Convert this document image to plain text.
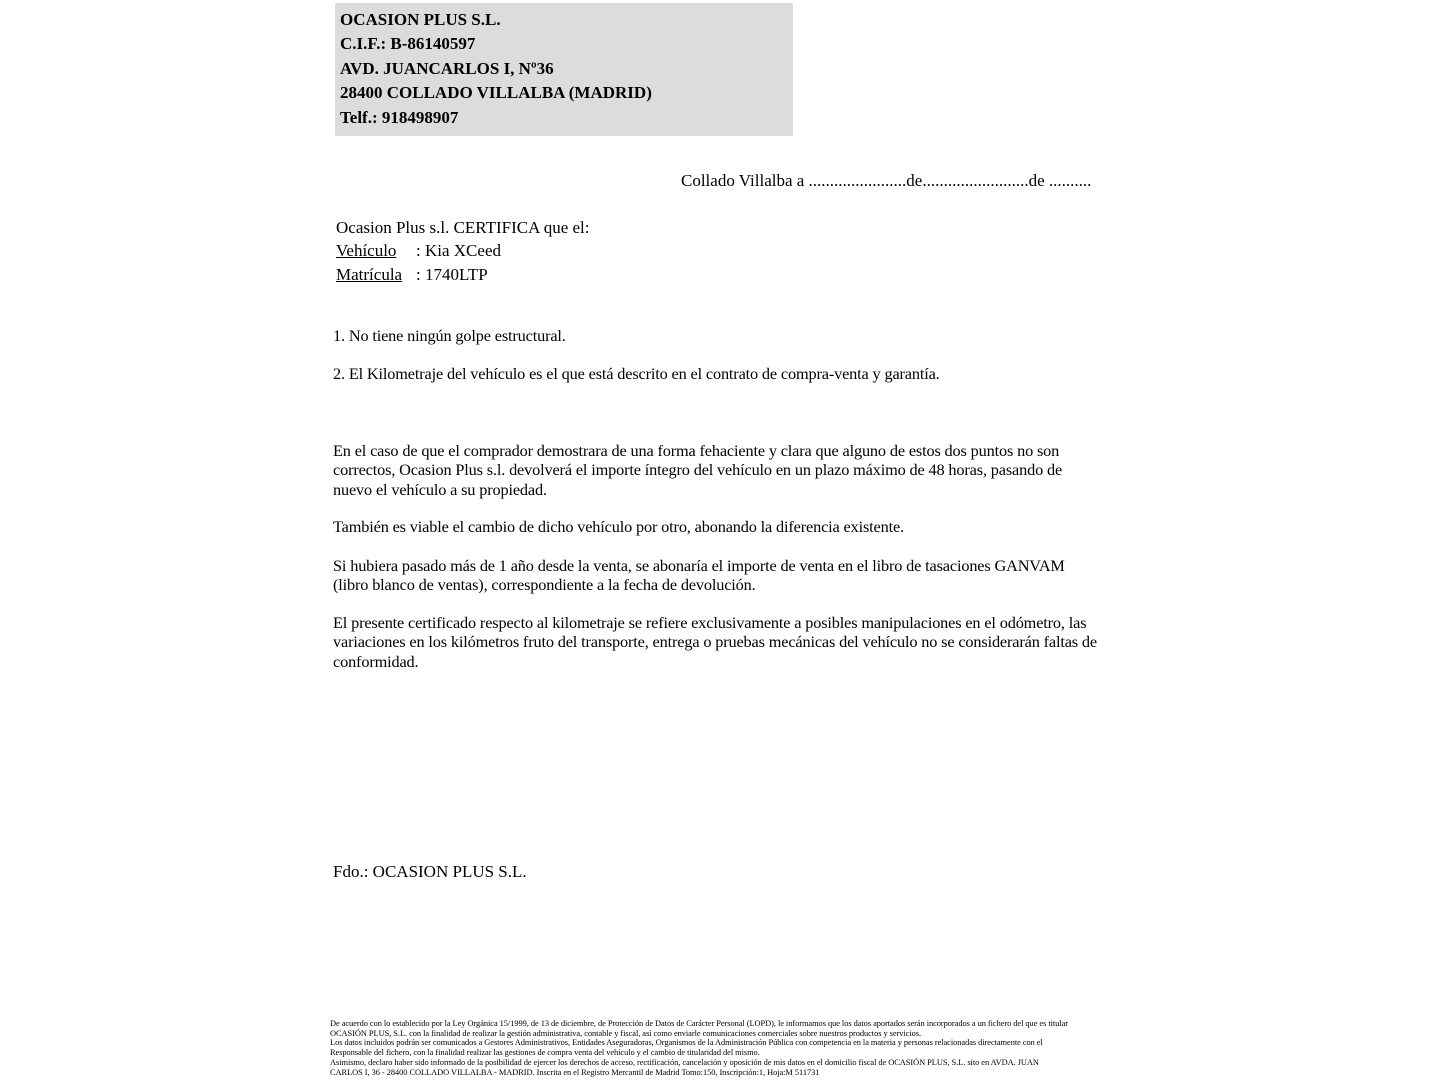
OCASION PLUS S.L.
C.I.F.: B-86140597
AVD. JUANCARLOS I, Nº36
28400 COLLADO VILLALBA (MADRID)
Telf.: 918498907
Collado Villalba a .......................de.........................de ..........
Ocasion Plus s.l. CERTIFICA que el:
Vehículo : Kia XCeed
Matrícula : 1740LTP
1. No tiene ningún golpe estructural.
2. El Kilometraje del vehículo es el que está descrito en el contrato de compra-venta y garantía.
En el caso de que el comprador demostrara de una forma fehaciente y clara que alguno de estos dos puntos no son correctos, Ocasion Plus s.l. devolverá el importe íntegro del vehículo en un plazo máximo de 48 horas, pasando de nuevo el vehículo a su propiedad.
También es viable el cambio de dicho vehículo por otro, abonando la diferencia existente.
Si hubiera pasado más de 1 año desde la venta, se abonaría el importe de venta en el libro de tasaciones GANVAM (libro blanco de ventas), correspondiente a la fecha de devolución.
El presente certificado respecto al kilometraje se refiere exclusivamente a posibles manipulaciones en el odómetro, las variaciones en los kilómetros fruto del transporte, entrega o pruebas mecánicas del vehículo no se considerarán faltas de conformidad.
Fdo.: OCASION PLUS S.L.
De acuerdo con lo establecido por la Ley Orgánica 15/1999, de 13 de diciembre, de Protección de Datos de Carácter Personal (LOPD), le informamos que los datos aportados serán incorporados a un fichero del que es titular
OCASIÓN PLUS, S.L. con la finalidad de realizar la gestión administrativa, contable y fiscal, así como enviarle comunicaciones comerciales sobre nuestros productos y servicios.
Los datos incluidos podrán ser comunicados a Gestores Administrativos, Entidades Aseguradoras, Organismos de la Administración Pública con competencia en la materia y personas relacionadas directamente con el
Responsable del fichero, con la finalidad realizar las gestiones de compra venta del vehículo y el cambio de titularidad del mismo.
Asimismo, declaro haber sido informado de la posibilidad de ejercer los derechos de acceso, rectificación, cancelación y oposición de mis datos en el domicilio fiscal de OCASIÓN PLUS, S.L. sito en AVDA. JUAN
CARLOS I, 36 - 28400 COLLADO VILLALBA - MADRID. Inscrita en el Registro Mercantil de Madrid Tomo:150, Inscripción:1, Hoja:M 511731
